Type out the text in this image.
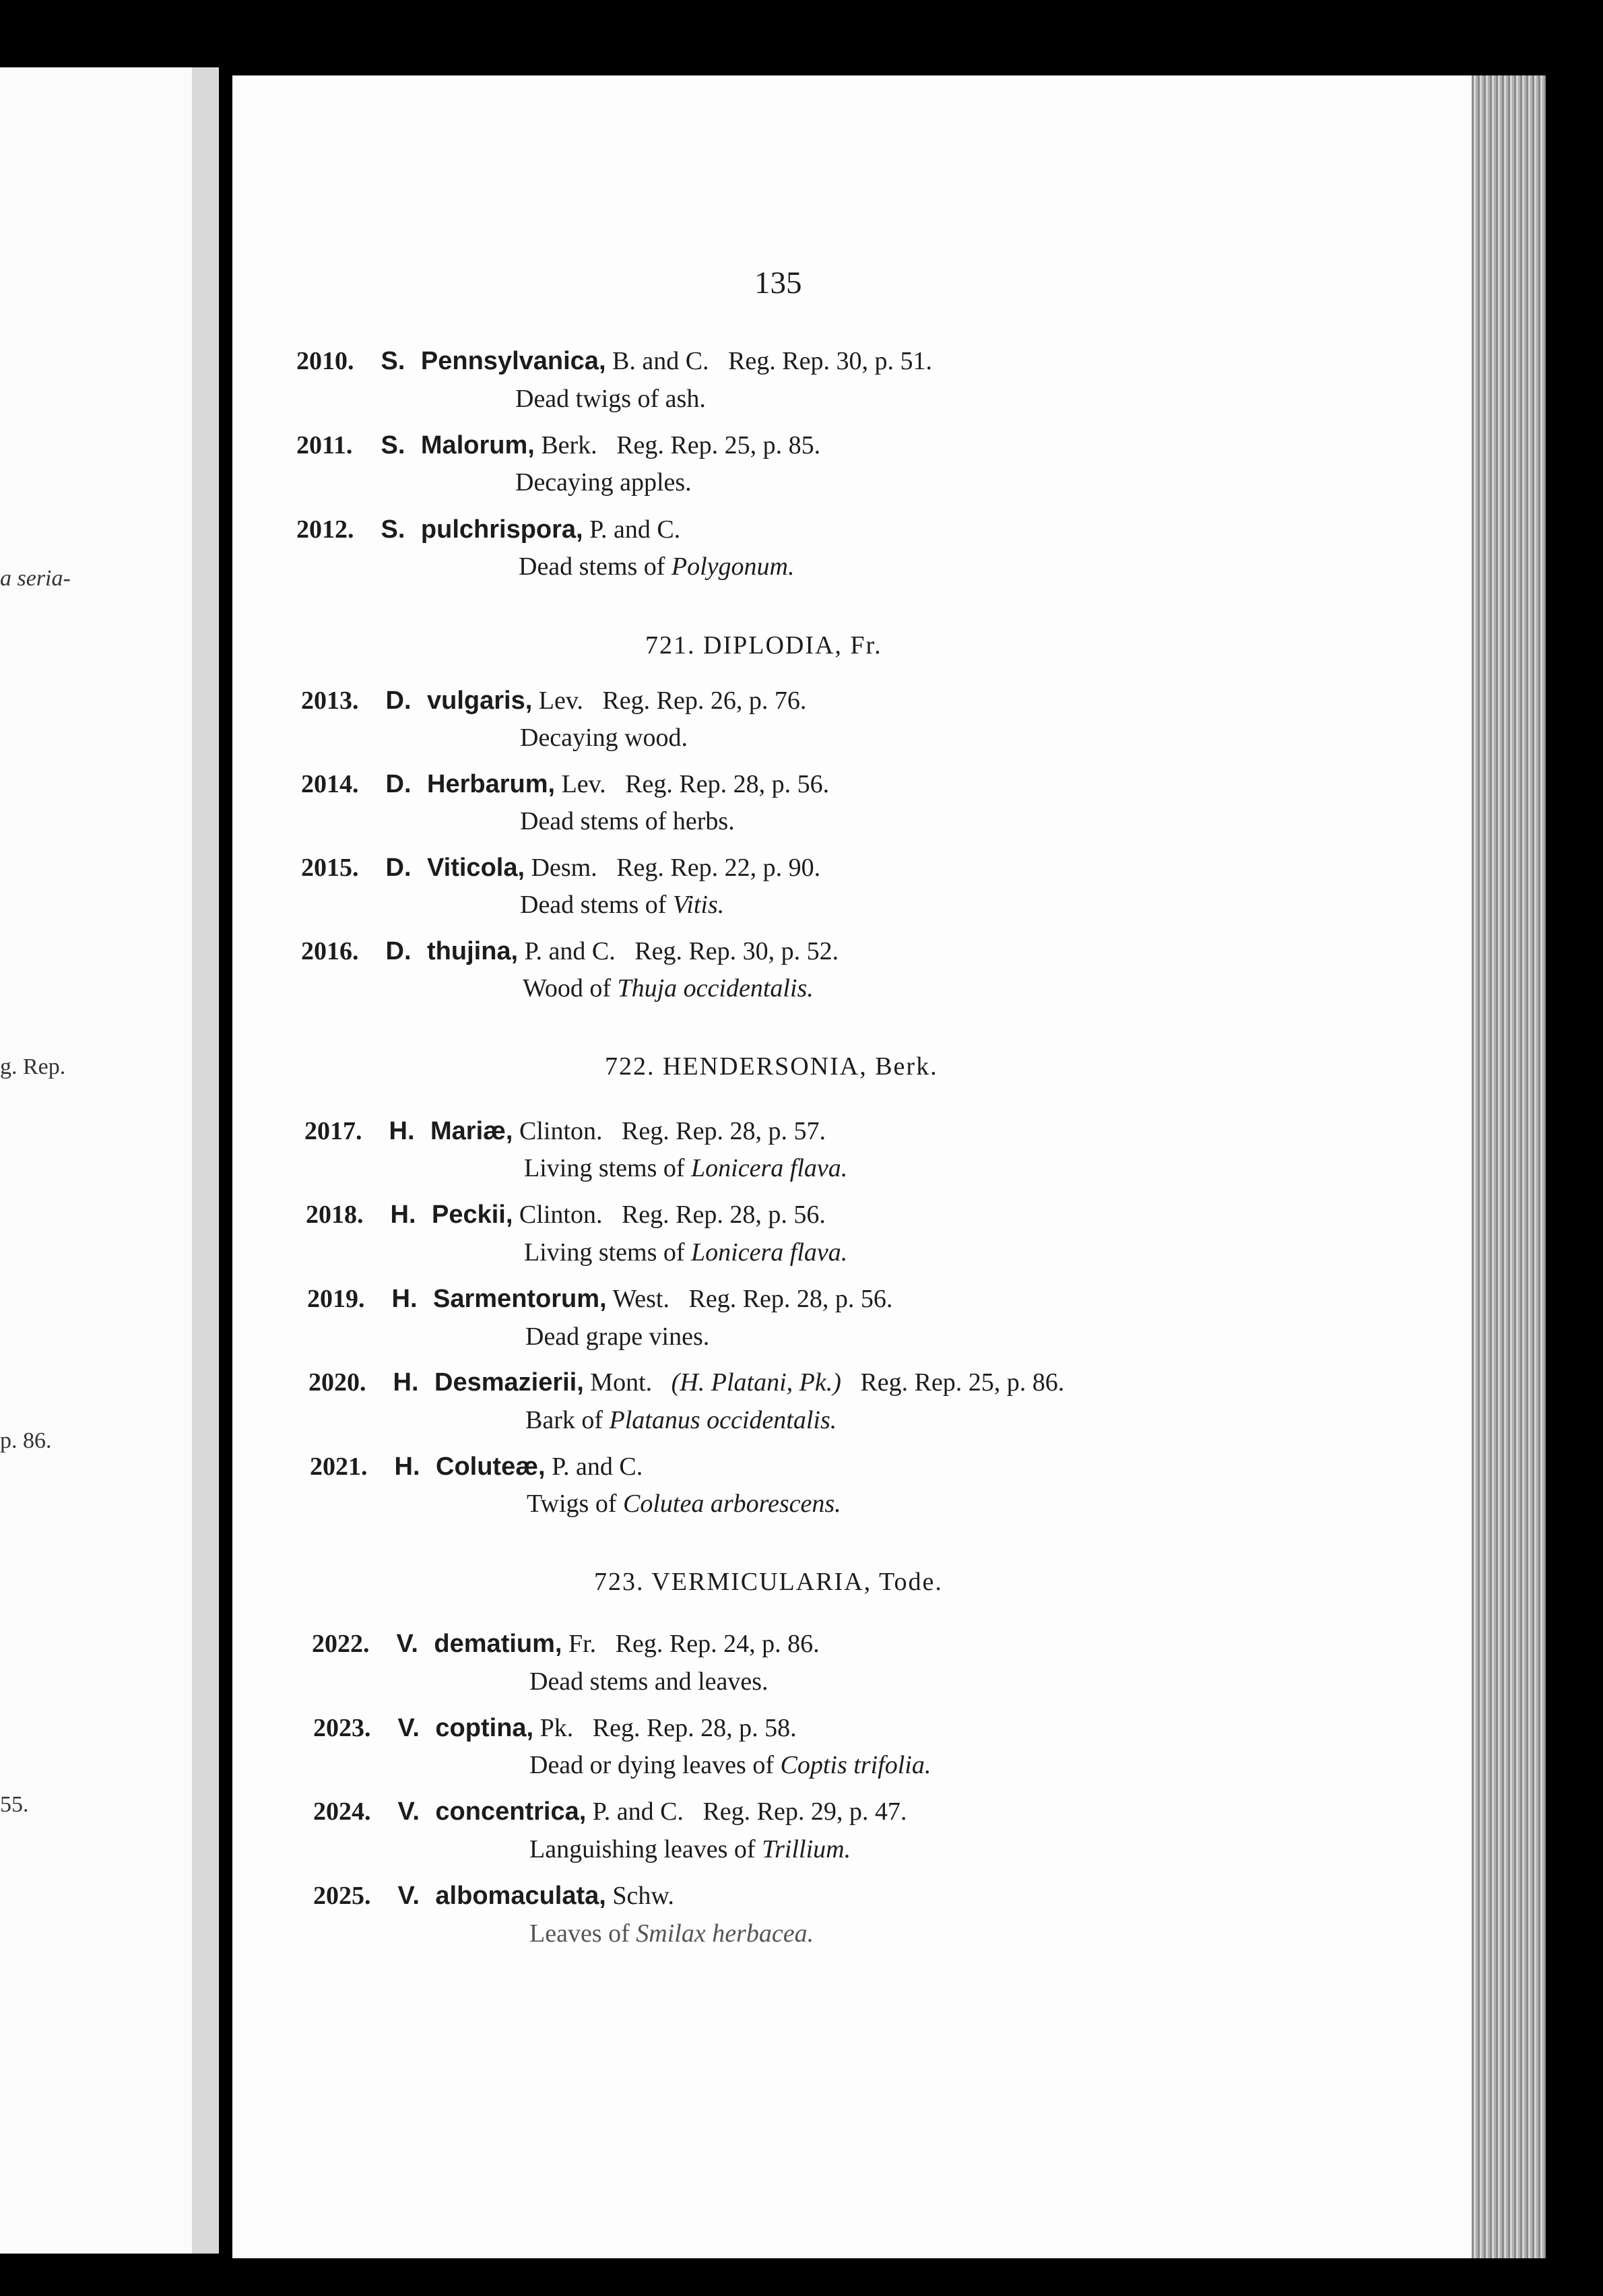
a seria-
g. Rep.
p. 86.
55.
135
2010. S. Pennsylvanica, B. and C. Reg. Rep. 30, p. 51.
Dead twigs of ash.
2011. S. Malorum, Berk. Reg. Rep. 25, p. 85.
Decaying apples.
2012. S. pulchrispora, P. and C.
Dead stems of Polygonum.
721. DIPLODIA, Fr.
2013. D. vulgaris, Lev. Reg. Rep. 26, p. 76.
Decaying wood.
2014. D. Herbarum, Lev. Reg. Rep. 28, p. 56.
Dead stems of herbs.
2015. D. Viticola, Desm. Reg. Rep. 22, p. 90.
Dead stems of Vitis.
2016. D. thujina, P. and C. Reg. Rep. 30, p. 52.
Wood of Thuja occidentalis.
722. HENDERSONIA, Berk.
2017. H. Mariæ, Clinton. Reg. Rep. 28, p. 57.
Living stems of Lonicera flava.
2018. H. Peckii, Clinton. Reg. Rep. 28, p. 56.
Living stems of Lonicera flava.
2019. H. Sarmentorum, West. Reg. Rep. 28, p. 56.
Dead grape vines.
2020. H. Desmazierii, Mont. (H. Platani, Pk.) Reg. Rep. 25, p. 86.
Bark of Platanus occidentalis.
2021. H. Coluteæ, P. and C.
Twigs of Colutea arborescens.
723. VERMICULARIA, Tode.
2022. V. dematium, Fr. Reg. Rep. 24, p. 86.
Dead stems and leaves.
2023. V. coptina, Pk. Reg. Rep. 28, p. 58.
Dead or dying leaves of Coptis trifolia.
2024. V. concentrica, P. and C. Reg. Rep. 29, p. 47.
Languishing leaves of Trillium.
2025. V. albomaculata, Schw.
Leaves of Smilax herbacea.
